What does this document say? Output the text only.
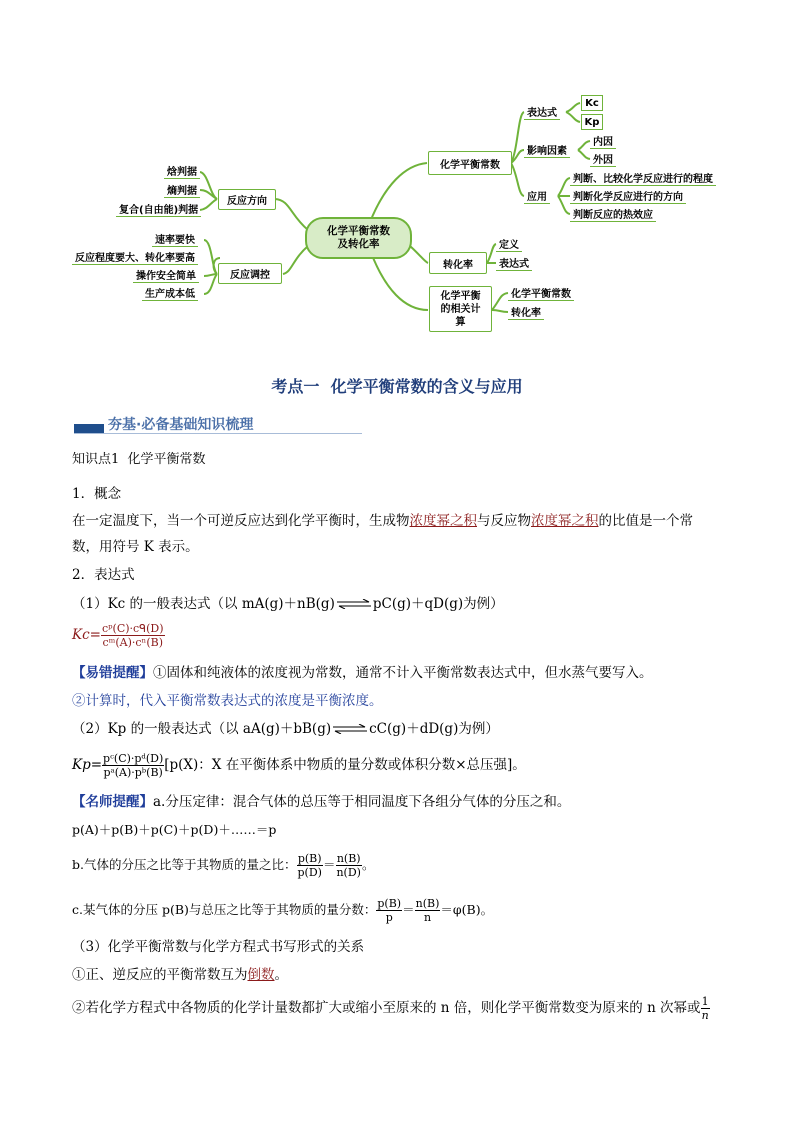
化学平衡常数及转化率
反应方向
焓判据
熵判据
复合(自由能)判据
反应调控
速率要快
反应程度要大、转化率要高
操作安全简单
生产成本低
化学平衡常数
表达式
Kc
Kp
影响因素
内因
外因
应用
判断、比较化学反应进行的程度
判断化学反应进行的方向
判断反应的热效应
转化率
定义
表达式
化学平衡
的相关计
算
化学平衡常数
转化率
考点一  化学平衡常数的含义与应用
夯基·必备基础知识梳理
知识点1  化学平衡常数
1．概念
在一定温度下，当一个可逆反应达到化学平衡时，生成物浓度幂之积与反应物浓度幂之积的比值是一个常
数，用符号 K 表示。
2．表达式
（1）Kc 的一般表达式（以 mA(g)＋nB(g)⇌pC(g)＋qD(g)为例）
$Kc= \frac{\text{cᵖ(C)·cᑫ(D)}}{\text{cᵐ(A)·cⁿ(B)}}$
【易错提醒】①固体和纯液体的浓度视为常数，通常不计入平衡常数表达式中，但水蒸气要写入。
②计算时，代入平衡常数表达式的浓度是平衡浓度。
（2）Kp 的一般表达式（以 aA(g)＋bB(g)⇌cC(g)＋dD(g)为例）
$Kp= \frac{\text{pᶜ(C)·pᵈ(D)}}{\text{pᵃ(A)·pᵇ(B)}} [p(X)$：X 在平衡体系中物质的量分数或体积分数×总压强]。
【名师提醒】a.分压定律：混合气体的总压等于相同温度下各组分气体的分压之和。
p(A)＋p(B)＋p(C)＋p(D)＋……＝p
b.气体的分压之比等于其物质的量之比： $\frac{p(B)}{p(D)} = \frac{n(B)}{n(D)}$ 。
c.某气体的分压 p(B)与总压之比等于其物质的量分数： $\frac{p(B)}{p} = \frac{n(B)}{n} =\varphi(B)$。
（3）化学平衡常数与化学方程式书写形式的关系
①正、逆反应的平衡常数互为倒数。
②若化学方程式中各物质的化学计量数都扩大或缩小至原来的 n 倍，则化学平衡常数变为原来的 n 次幂或 $\frac{1}{n}$
